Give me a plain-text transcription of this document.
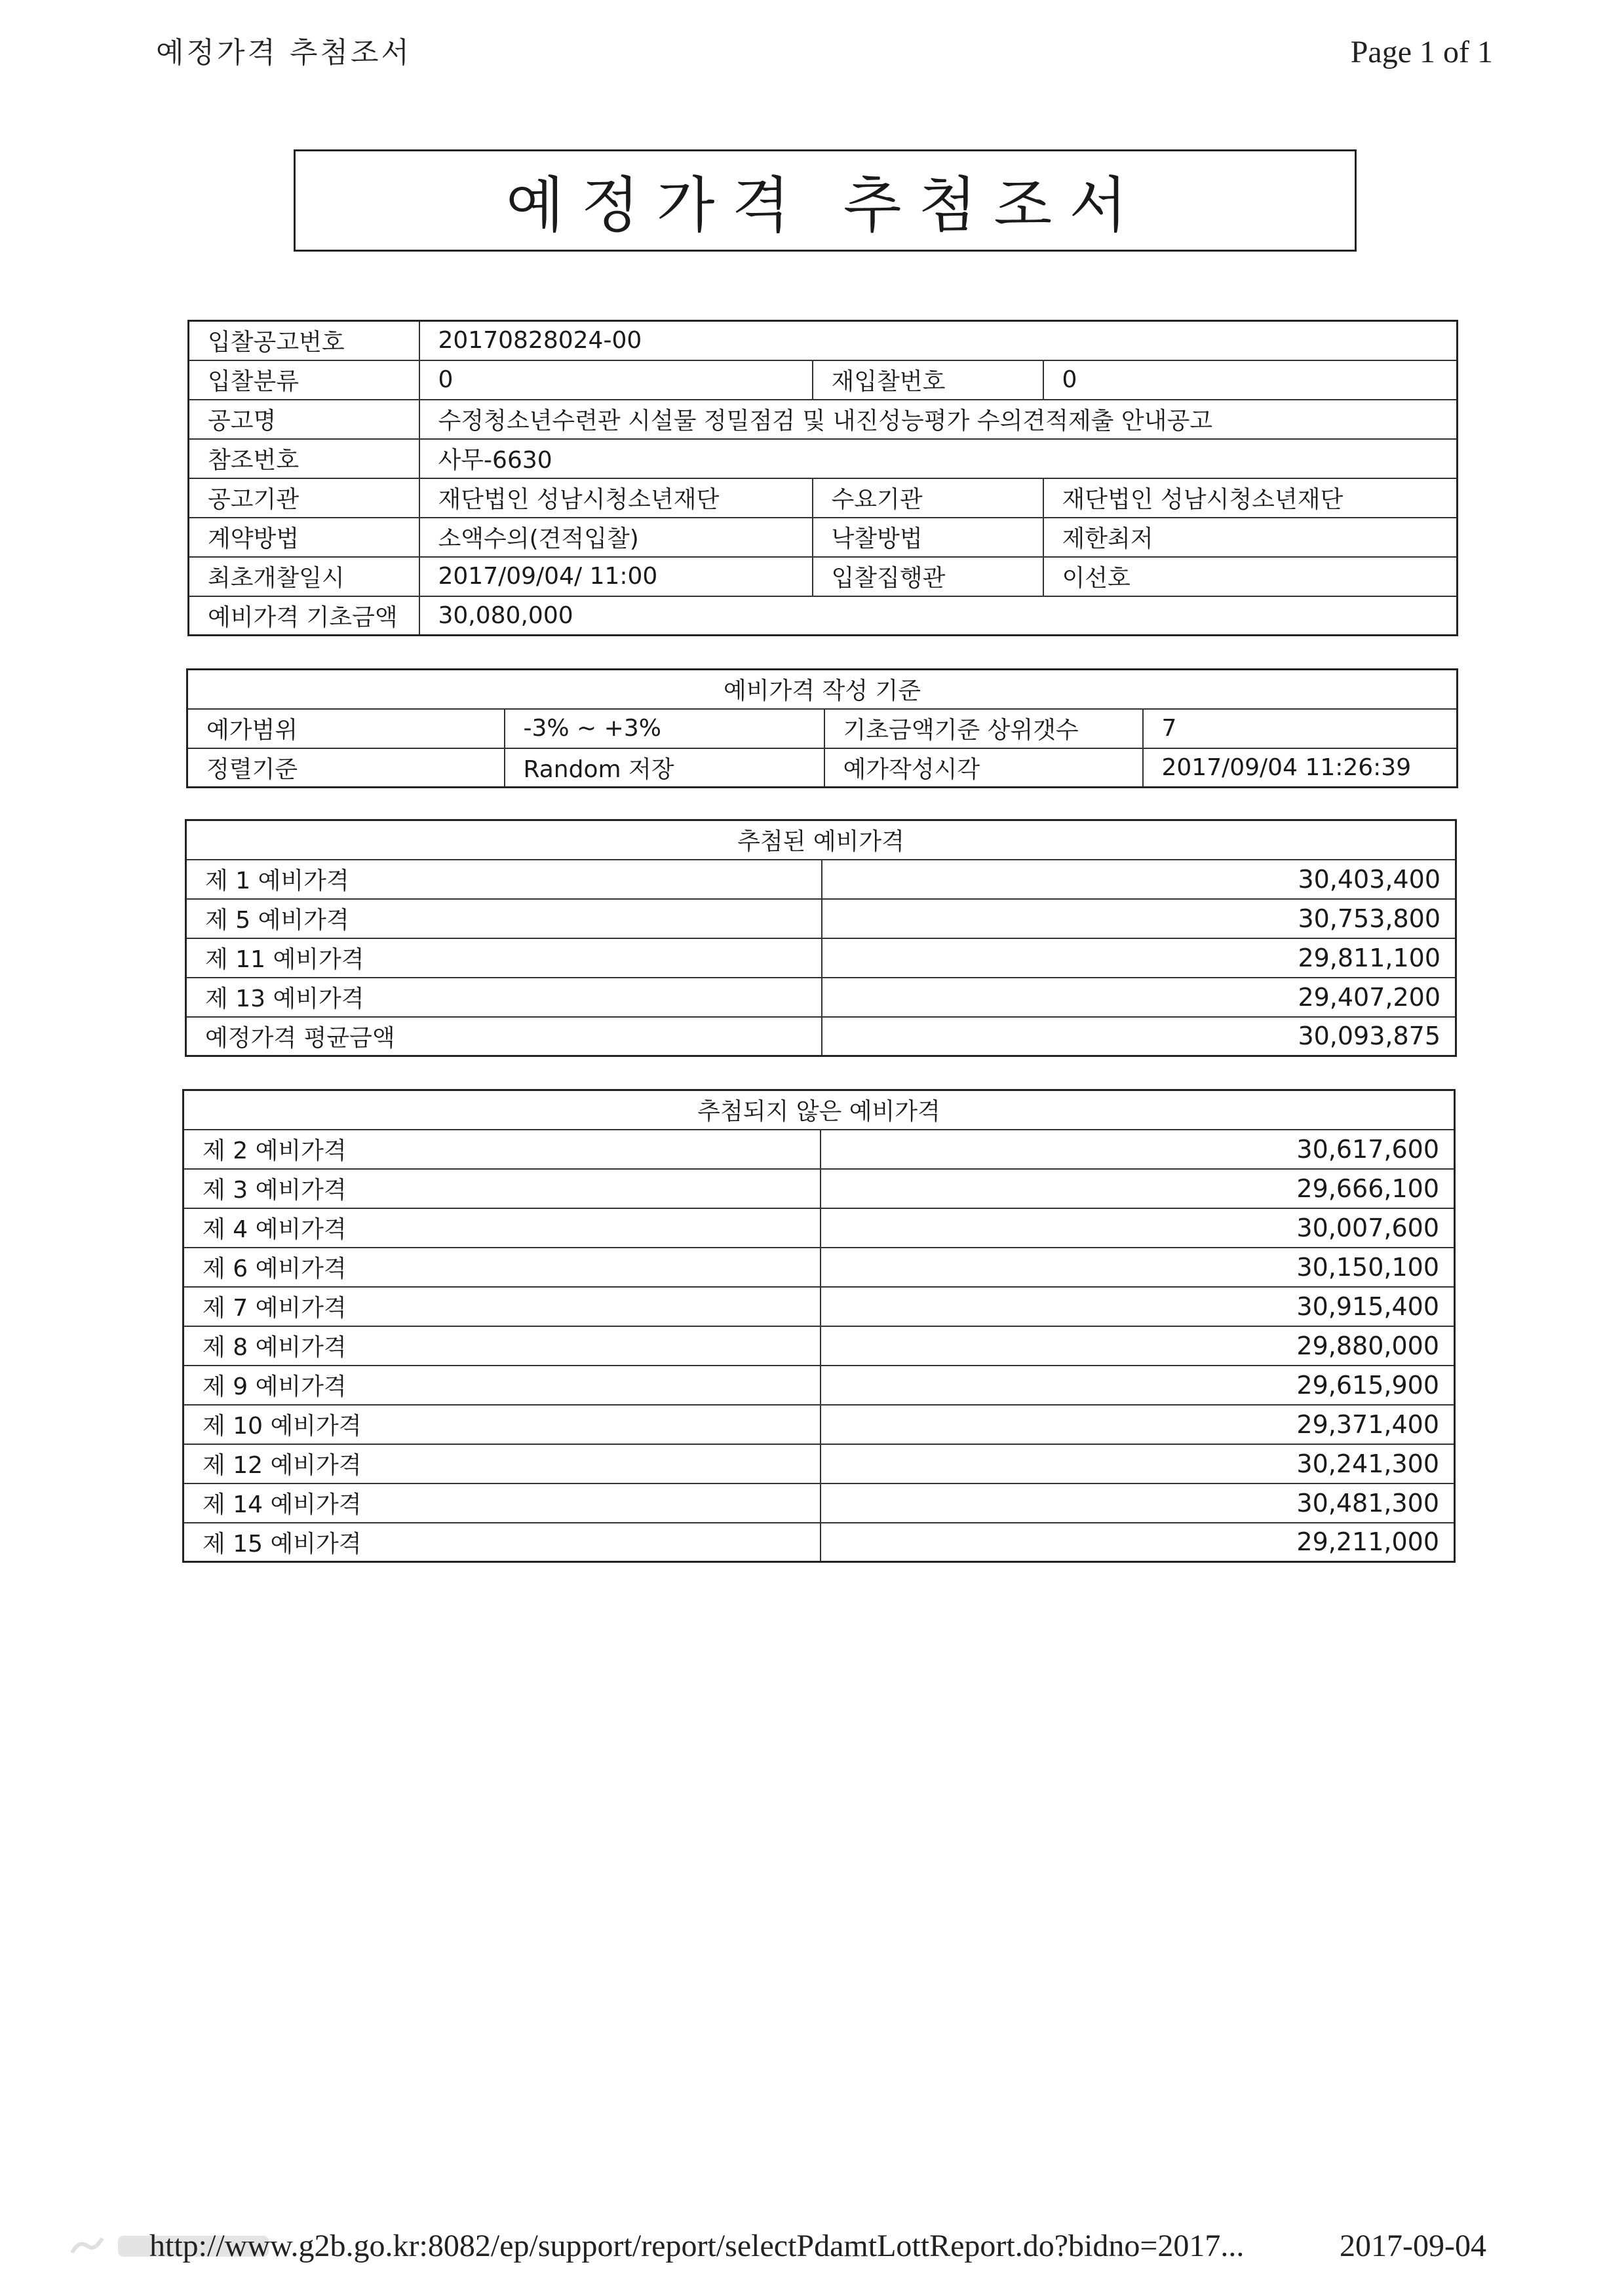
예정가격 추첨조서	Page 1 of 1
예정가격 추첨조서
입찰공고번호	20170828024-00		
입찰분류	0	재입찰번호	0
공고명	수정청소년수련관 시설물 정밀점검 및 내진성능평가 수의견적제출 안내공고		
참조번호	사무-6630		
공고기관	재단법인 성남시청소년재단	수요기관	재단법인 성남시청소년재단
계약방법	소액수의(견적입찰)	낙찰방법	제한최저
최초개찰일시	2017/09/04/ 11:00	입찰집행관	이선호
예비가격 기초금액	30,080,000		
예비가격 작성 기준			
예가범위	-3% ~ +3%	기초금액기준 상위갯수	7
정렬기준	Random 저장	예가작성시각	2017/09/04 11:26:39
추첨된 예비가격	
제 1 예비가격	30,403,400
제 5 예비가격	30,753,800
제 11 예비가격	29,811,100
제 13 예비가격	29,407,200
예정가격 평균금액	30,093,875
추첨되지 않은 예비가격	
제 2 예비가격	30,617,600
제 3 예비가격	29,666,100
제 4 예비가격	30,007,600
제 6 예비가격	30,150,100
제 7 예비가격	30,915,400
제 8 예비가격	29,880,000
제 9 예비가격	29,615,900
제 10 예비가격	29,371,400
제 12 예비가격	30,241,300
제 14 예비가격	30,481,300
제 15 예비가격	29,211,000
http://www.g2b.go.kr:8082/ep/support/report/selectPdamtLottReport.do?bidno=2017...	2017-09-04
